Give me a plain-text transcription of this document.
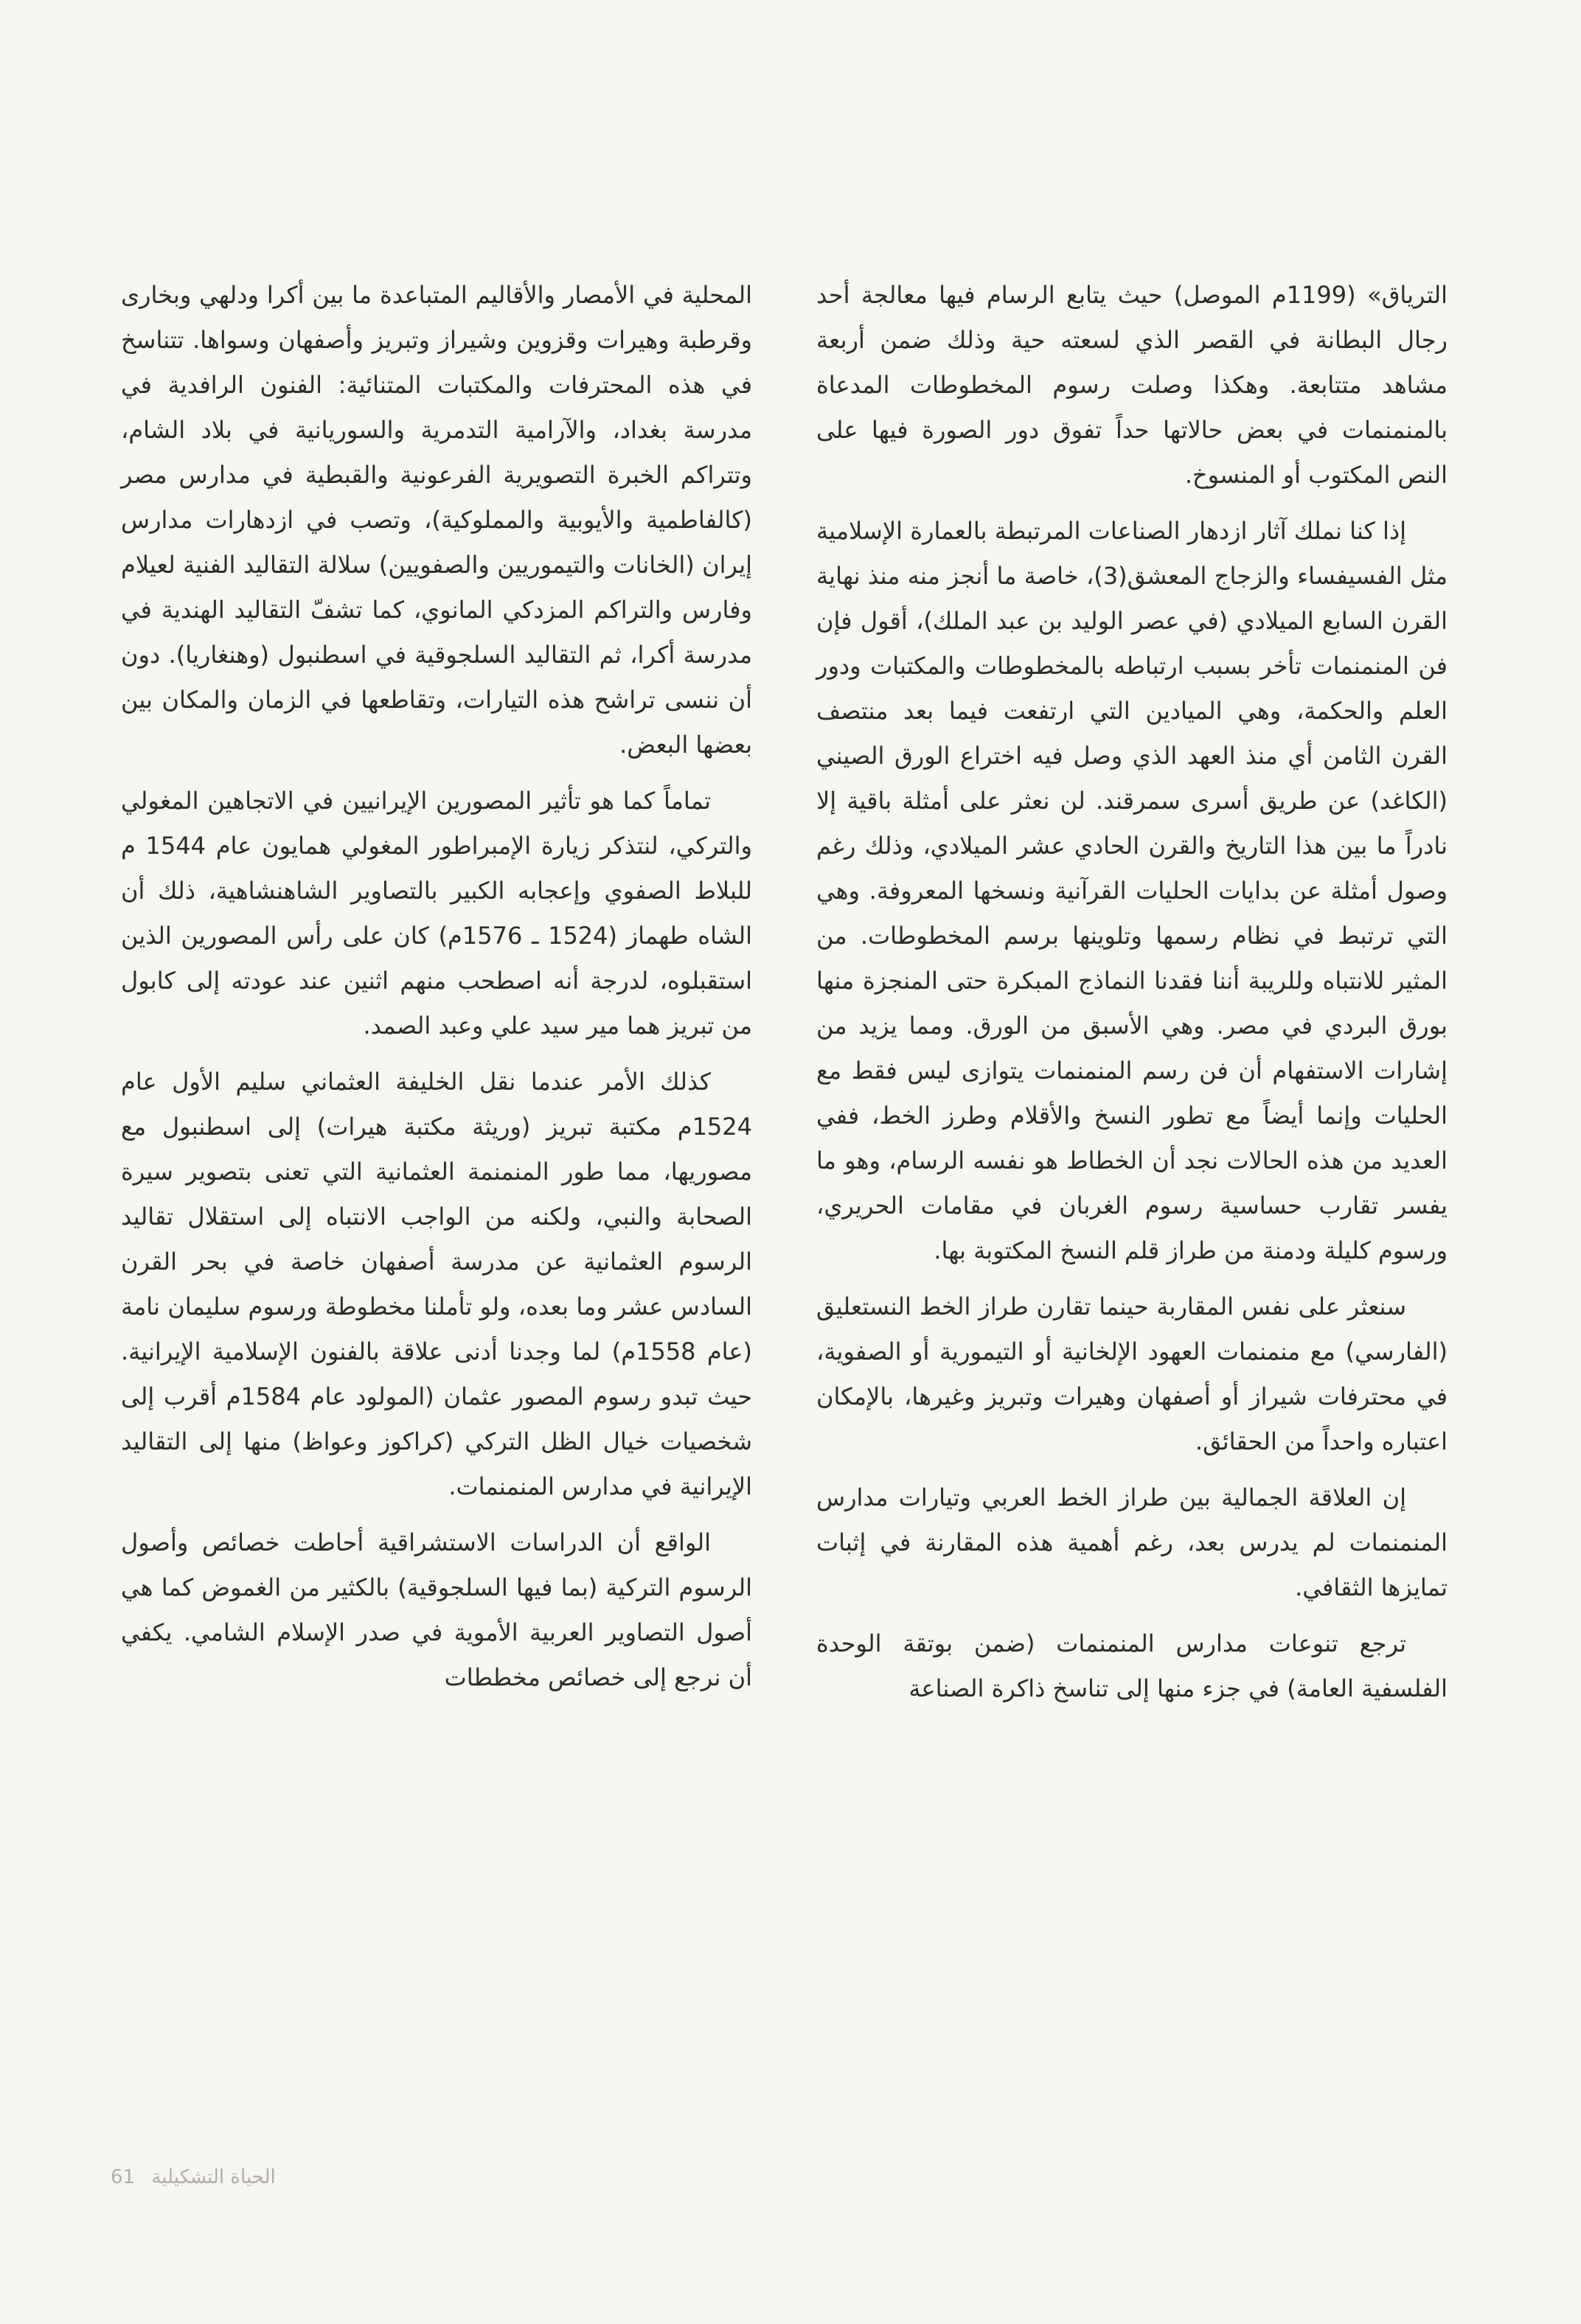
الترياق» (1199م الموصل) حيث يتابع الرسام فيها معالجة أحد رجال البطانة في القصر الذي لسعته حية وذلك ضمن أربعة مشاهد متتابعة. وهكذا وصلت رسوم المخطوطات المدعاة بالمنمنمات في بعض حالاتها حداً تفوق دور الصورة فيها على النص المكتوب أو المنسوخ.

إذا كنا نملك آثار ازدهار الصناعات المرتبطة بالعمارة الإسلامية مثل الفسيفساء والزجاج المعشق(3)، خاصة ما أنجز منه منذ نهاية القرن السابع الميلادي (في عصر الوليد بن عبد الملك)، أقول فإن فن المنمنمات تأخر بسبب ارتباطه بالمخطوطات والمكتبات ودور العلم والحكمة، وهي الميادين التي ارتفعت فيما بعد منتصف القرن الثامن أي منذ العهد الذي وصل فيه اختراع الورق الصيني (الكاغد) عن طريق أسرى سمرقند. لن نعثر على أمثلة باقية إلا نادراً ما بين هذا التاريخ والقرن الحادي عشر الميلادي، وذلك رغم وصول أمثلة عن بدايات الحليات القرآنية ونسخها المعروفة. وهي التي ترتبط في نظام رسمها وتلوينها برسم المخطوطات. من المثير للانتباه وللريبة أننا فقدنا النماذج المبكرة حتى المنجزة منها بورق البردي في مصر. وهي الأسبق من الورق. ومما يزيد من إشارات الاستفهام أن فن رسم المنمنمات يتوازى ليس فقط مع الحليات وإنما أيضاً مع تطور النسخ والأقلام وطرز الخط، ففي العديد من هذه الحالات نجد أن الخطاط هو نفسه الرسام، وهو ما يفسر تقارب حساسية رسوم الغربان في مقامات الحريري، ورسوم كليلة ودمنة من طراز قلم النسخ المكتوبة بها.

سنعثر على نفس المقاربة حينما تقارن طراز الخط النستعليق (الفارسي) مع منمنمات العهود الإلخانية أو التيمورية أو الصفوية، في محترفات شيراز أو أصفهان وهيرات وتبريز وغيرها، بالإمكان اعتباره واحداً من الحقائق.

إن العلاقة الجمالية بين طراز الخط العربي وتيارات مدارس المنمنمات لم يدرس بعد، رغم أهمية هذه المقارنة في إثبات تمايزها الثقافي.

ترجع تنوعات مدارس المنمنمات (ضمن بوتقة الوحدة الفلسفية العامة) في جزء منها إلى تناسخ ذاكرة الصناعة

المحلية في الأمصار والأقاليم المتباعدة ما بين أكرا ودلهي وبخارى وقرطبة وهيرات وقزوين وشيراز وتبريز وأصفهان وسواها. تتناسخ في هذه المحترفات والمكتبات المتنائية: الفنون الرافدية في مدرسة بغداد، والآرامية التدمرية والسوريانية في بلاد الشام، وتتراكم الخبرة التصويرية الفرعونية والقبطية في مدارس مصر (كالفاطمية والأيوبية والمملوكية)، وتصب في ازدهارات مدارس إيران (الخانات والتيموريين والصفويين) سلالة التقاليد الفنية لعيلام وفارس والتراكم المزدكي المانوي، كما تشفّ التقاليد الهندية في مدرسة أكرا، ثم التقاليد السلجوقية في اسطنبول (وهنغاريا). دون أن ننسى تراشح هذه التيارات، وتقاطعها في الزمان والمكان بين بعضها البعض.

تماماً كما هو تأثير المصورين الإيرانيين في الاتجاهين المغولي والتركي، لنتذكر زيارة الإمبراطور المغولي همايون عام 1544 م للبلاط الصفوي وإعجابه الكبير بالتصاوير الشاهنشاهية، ذلك أن الشاه طهماز (1524 ـ 1576م) كان على رأس المصورين الذين استقبلوه، لدرجة أنه اصطحب منهم اثنين عند عودته إلى كابول من تبريز هما مير سيد علي وعبد الصمد.

كذلك الأمر عندما نقل الخليفة العثماني سليم الأول عام 1524م مكتبة تبريز (وريثة مكتبة هيرات) إلى اسطنبول مع مصوريها، مما طور المنمنمة العثمانية التي تعنى بتصوير سيرة الصحابة والنبي، ولكنه من الواجب الانتباه إلى استقلال تقاليد الرسوم العثمانية عن مدرسة أصفهان خاصة في بحر القرن السادس عشر وما بعده، ولو تأملنا مخطوطة ورسوم سليمان نامة (عام 1558م) لما وجدنا أدنى علاقة بالفنون الإسلامية الإيرانية. حيث تبدو رسوم المصور عثمان (المولود عام 1584م أقرب إلى شخصيات خيال الظل التركي (كراكوز وعواظ) منها إلى التقاليد الإيرانية في مدارس المنمنمات.

الواقع أن الدراسات الاستشراقية أحاطت خصائص وأصول الرسوم التركية (بما فيها السلجوقية) بالكثير من الغموض كما هي أصول التصاوير العربية الأموية في صدر الإسلام الشامي. يكفي أن نرجع إلى خصائص مخططات

الحياة التشكيلية 61
